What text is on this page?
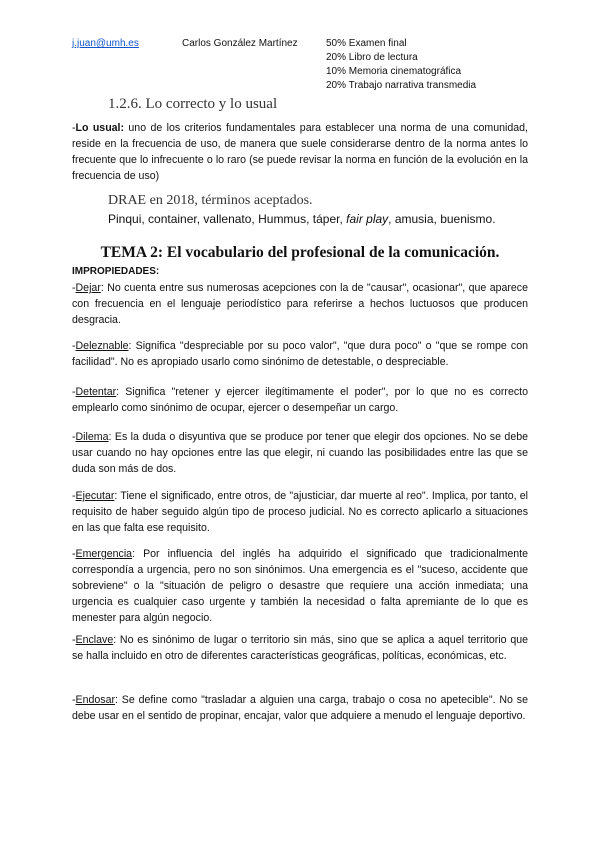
j.juan@umh.es	Carlos González Martínez	50% Examen final
20% Libro de lectura
10% Memoria cinematográfica
20% Trabajo narrativa transmedia
1.2.6. Lo correcto y lo usual
-Lo usual: uno de los criterios fundamentales para establecer una norma de una comunidad, reside en la frecuencia de uso, de manera que suele considerarse dentro de la norma antes lo frecuente que lo infrecuente o lo raro (se puede revisar la norma en función de la evolución en la frecuencia de uso)
DRAE en 2018, términos aceptados.
Pinqui, container, vallenato, Hummus, táper, fair play, amusia, buenismo.
TEMA 2: El vocabulario del profesional de la comunicación.
IMPROPIEDADES:
-Dejar: No cuenta entre sus numerosas acepciones con la de "causar", ocasionar", que aparece con frecuencia en el lenguaje periodístico para referirse a hechos luctuosos que producen desgracia.
-Deleznable: Significa "despreciable por su poco valor", "que dura poco" o "que se rompe con facilidad". No es apropiado usarlo como sinónimo de detestable, o despreciable.
-Detentar: Significa "retener y ejercer ilegítimamente el poder", por lo que no es correcto emplearlo como sinónimo de ocupar, ejercer o desempeñar un cargo.
-Dilema: Es la duda o disyuntiva que se produce por tener que elegir dos opciones. No se debe usar cuando no hay opciones entre las que elegir, ni cuando las posibilidades entre las que se duda son más de dos.
-Ejecutar: Tiene el significado, entre otros, de "ajusticiar, dar muerte al reo". Implica, por tanto, el requisito de haber seguido algún tipo de proceso judicial. No es correcto aplicarlo a situaciones en las que falta ese requisito.
-Emergencia: Por influencia del inglés ha adquirido el significado que tradicionalmente correspondía a urgencia, pero no son sinónimos. Una emergencia es el "suceso, accidente que sobreviene" o la "situación de peligro o desastre que requiere una acción inmediata; una urgencia es cualquier caso urgente y también la necesidad o falta apremiante de lo que es menester para algún negocio.
-Enclave: No es sinónimo de lugar o territorio sin más, sino que se aplica a aquel territorio que se halla incluido en otro de diferentes características geográficas, políticas, económicas, etc.
-Endosar: Se define como "trasladar a alguien una carga, trabajo o cosa no apetecible". No se debe usar en el sentido de propinar, encajar, valor que adquiere a menudo el lenguaje deportivo.
